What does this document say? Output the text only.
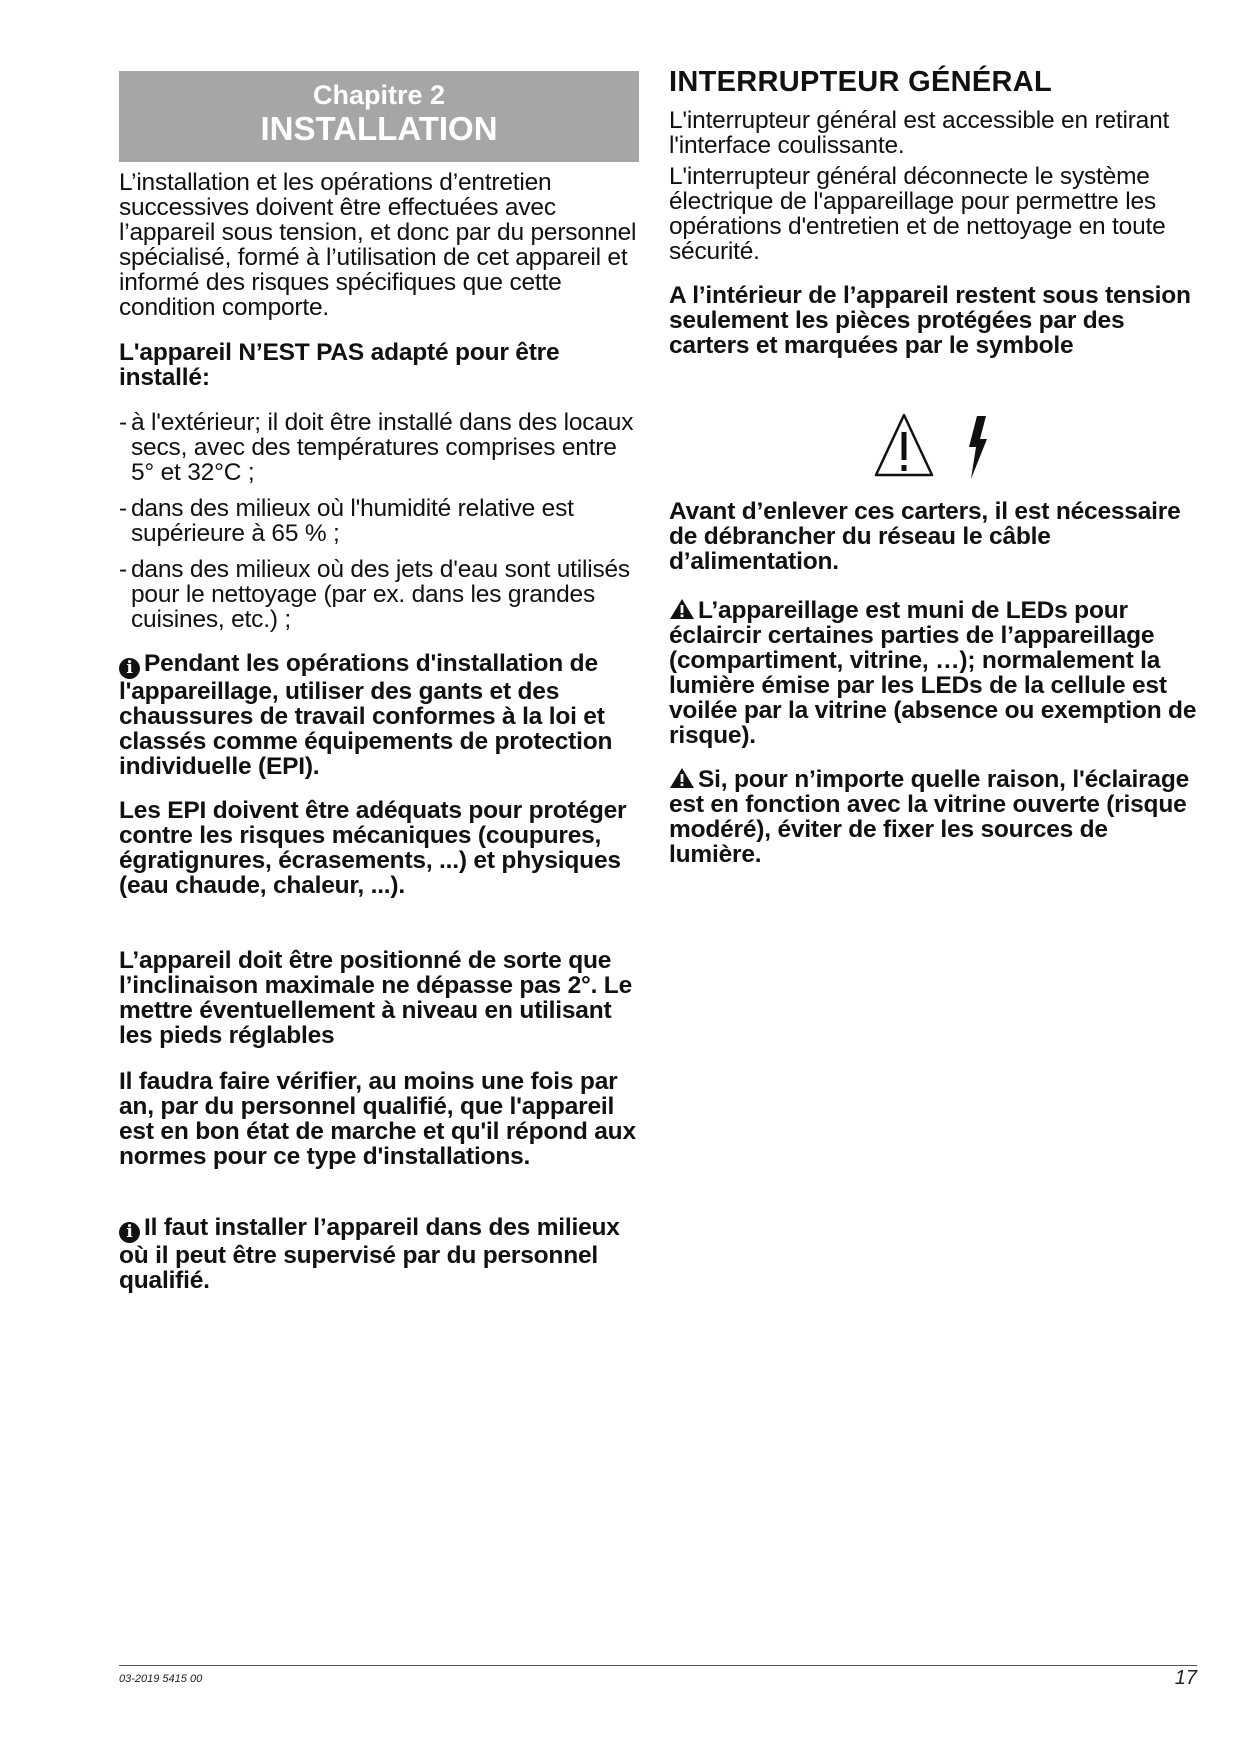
Chapitre 2
INSTALLATION

L’installation et les opérations d’entretien successives doivent être effectuées avec l’appareil sous tension, et donc par du personnel spécialisé, formé à l’utilisation de cet appareil et informé des risques spécifiques que cette condition comporte.

L'appareil N’EST PAS adapté pour être installé:

- à l'extérieur; il doit être installé dans des locaux secs, avec des températures comprises entre 5° et 32°C ;
- dans des milieux où l'humidité relative est supérieure à 65 % ;
- dans des milieux où des jets d'eau sont utilisés pour le nettoyage (par ex. dans les grandes cuisines, etc.) ;

i Pendant les opérations d'installation de l'appareillage, utiliser des gants et des chaussures de travail conformes à la loi et classés comme équipements de protection individuelle (EPI).

Les EPI doivent être adéquats pour protéger contre les risques mécaniques (coupures, égratignures, écrasements, ...) et physiques (eau chaude, chaleur, ...).

L’appareil doit être positionné de sorte que l’inclinaison maximale ne dépasse pas 2°. Le mettre éventuellement à niveau en utilisant les pieds réglables

Il faudra faire vérifier, au moins une fois par an, par du personnel qualifié, que l'appareil est en bon état de marche et qu'il répond aux normes pour ce type d'installations.

i Il faut installer l’appareil dans des milieux où il peut être supervisé par du personnel qualifié.

INTERRUPTEUR GÉNÉRAL

L'interrupteur général est accessible en retirant l'interface coulissante.

L'interrupteur général déconnecte le système électrique de l'appareillage pour permettre les opérations d'entretien et de nettoyage en toute sécurité.

A l’intérieur de l’appareil restent sous tension seulement les pièces protégées par des carters et marquées par le symbole

Avant d’enlever ces carters, il est nécessaire de débrancher du réseau le câble d’alimentation.

L’appareillage est muni de LEDs pour éclaircir certaines parties de l’appareillage (compartiment, vitrine, …); normalement la lumière émise par les LEDs de la cellule est voilée par la vitrine (absence ou exemption de risque).

Si, pour n’importe quelle raison, l'éclairage est en fonction avec la vitrine ouverte (risque modéré), éviter de fixer les sources de lumière.

03-2019 5415 00	17
